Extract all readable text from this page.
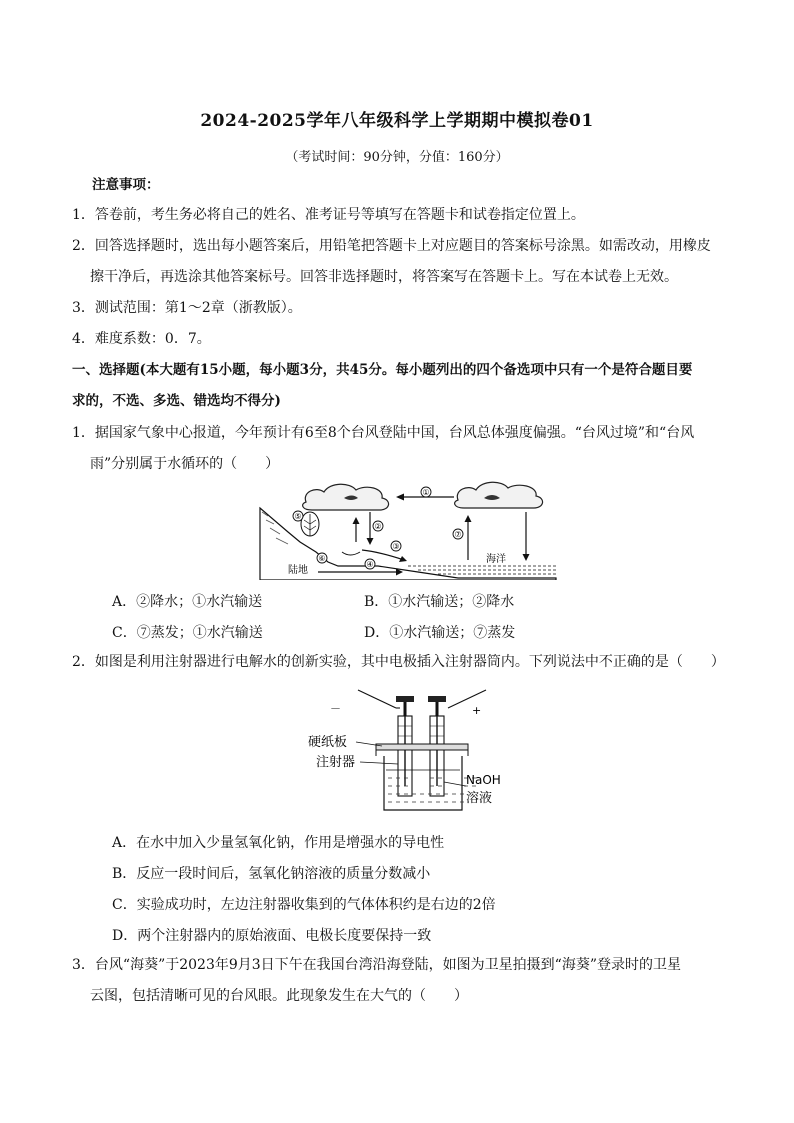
2024-2025学年八年级科学上学期期中模拟卷01
（考试时间：90分钟，分值：160分）
注意事项：
1．答卷前，考生务必将自己的姓名、准考证号等填写在答题卡和试卷指定位置上。
2．回答选择题时，选出每小题答案后，用铅笔把答题卡上对应题目的答案标号涂黑。如需改动，用橡皮
擦干净后，再选涂其他答案标号。回答非选择题时，将答案写在答题卡上。写在本试卷上无效。
3．测试范围：第1～2章（浙教版）。
4．难度系数：0．7。
一、选择题(本大题有15小题，每小题3分，共45分。每小题列出的四个备选项中只有一个是符合题目要
求的，不选、多选、错选均不得分)
1．据国家气象中心报道，今年预计有6至8个台风登陆中国，台风总体强度偏强。“台风过境”和“台风
雨”分别属于水循环的（　　）
①
⑤
②
③
⑥
④
陆地
海洋
⑦
A．②降水；①水汽输送	B．①水汽输送；②降水
C．⑦蒸发；①水汽输送	D．①水汽输送；⑦蒸发
2．如图是利用注射器进行电解水的创新实验，其中电极插入注射器筒内。下列说法中不正确的是（　　）
－	+
硬纸板
注射器
NaOH
溶液
A．在水中加入少量氢氧化钠，作用是增强水的导电性
B．反应一段时间后，氢氧化钠溶液的质量分数减小
C．实验成功时，左边注射器收集到的气体体积约是右边的2倍
D．两个注射器内的原始液面、电极长度要保持一致
3．台风“海葵”于2023年9月3日下午在我国台湾沿海登陆，如图为卫星拍摄到“海葵”登录时的卫星
云图，包括清晰可见的台风眼。此现象发生在大气的（　　）
